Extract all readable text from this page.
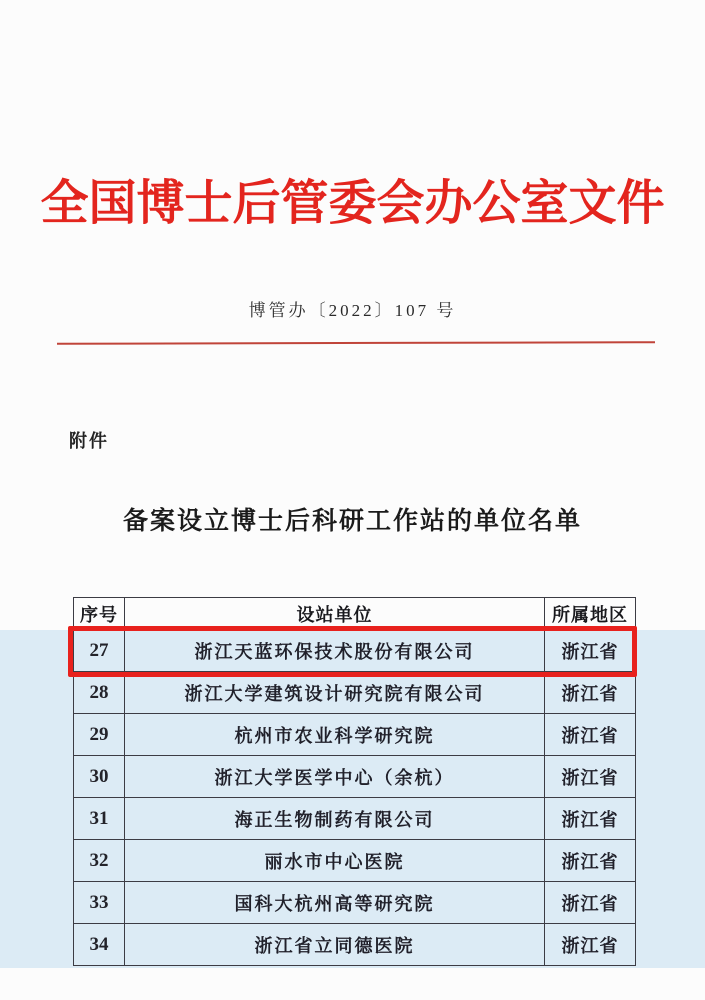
全国博士后管委会办公室文件
博管办〔2022〕107 号
附件
备案设立博士后科研工作站的单位名单
序号	设站单位	所属地区
27	浙江天蓝环保技术股份有限公司	浙江省
28	浙江大学建筑设计研究院有限公司	浙江省
29	杭州市农业科学研究院	浙江省
30	浙江大学医学中心（余杭）	浙江省
31	海正生物制药有限公司	浙江省
32	丽水市中心医院	浙江省
33	国科大杭州高等研究院	浙江省
34	浙江省立同德医院	浙江省
